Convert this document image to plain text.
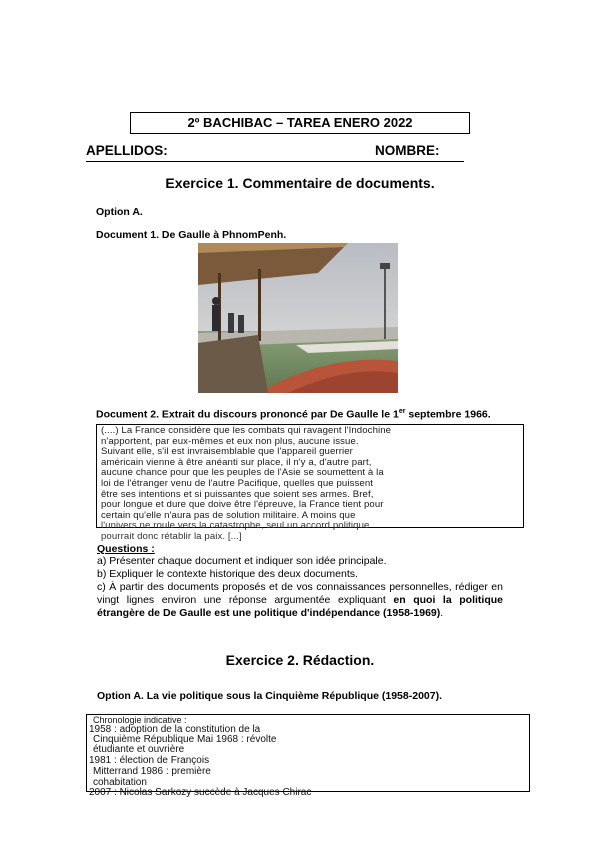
2º BACHIBAC – TAREA ENERO 2022
APELLIDOS:	NOMBRE:
Exercice 1. Commentaire de documents.
Option A.
Document 1. De Gaulle à PhnomPenh.
Document 2. Extrait du discours prononcé par De Gaulle le 1er septembre 1966.
(....) La France considère que les combats qui ravagent l'Indochine
n'apportent, par eux-mêmes et eux non plus, aucune issue.
Suivant elle, s'il est invraisemblable que l'appareil guerrier
américain vienne à être anéanti sur place, il n'y a, d'autre part,
aucune chance pour que les peuples de l'Asie se soumettent à la
loi de l'étranger venu de l'autre Pacifique, quelles que puissent
être ses intentions et si puissantes que soient ses armes. Bref,
pour longue et dure que doive être l'épreuve, la France tient pour
certain qu'elle n'aura pas de solution militaire. A moins que
l'univers ne roule vers la catastrophe, seul un accord politique
pourrait donc rétablir la paix. [...]
Questions :
a) Présenter chaque document et indiquer son idée principale.
b) Expliquer le contexte historique des deux documents.
c) À partir des documents proposés et de vos connaissances personnelles, rédiger en vingt lignes environ une réponse argumentée expliquant en quoi la politique étrangère de De Gaulle est une politique d'indépendance (1958-1969).
Exercice 2. Rédaction.
Option A. La vie politique sous la Cinquième République (1958-2007).
Chronologie indicative :
1958 : adoption de la constitution de la
Cinquième République Mai 1968 : révolte
étudiante et ouvrière
1981 : élection de François
Mitterrand 1986 : première
cohabitation
2007 : Nicolas Sarkozy succède à Jacques Chirac
